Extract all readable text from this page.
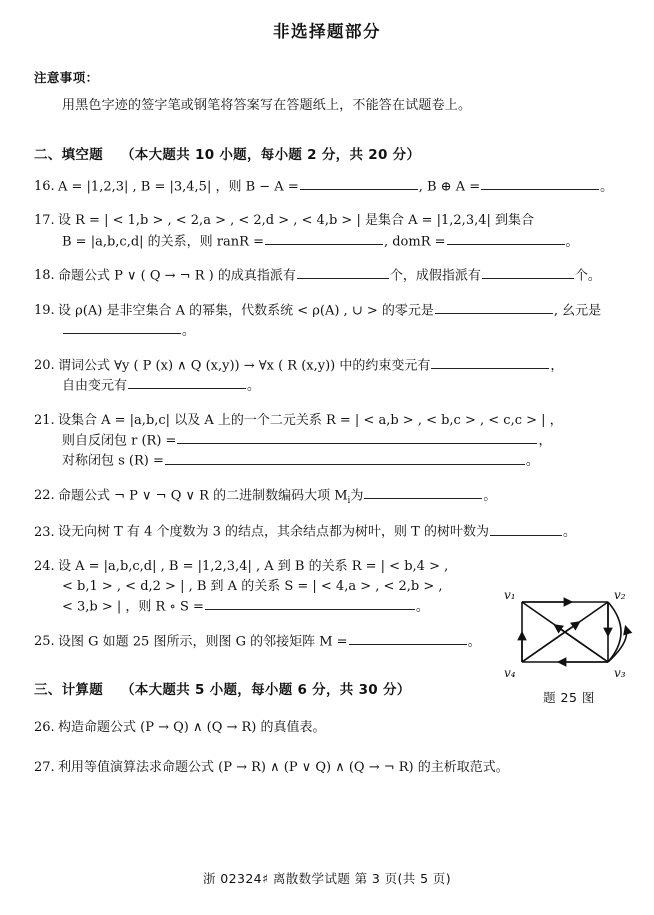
非选择题部分
注意事项：
用黑色字迹的签字笔或钢笔将答案写在答题纸上，不能答在试题卷上。
二、填空题 （本大题共 10 小题，每小题 2 分，共 20 分）
16. A = |1,2,3| , B = |3,4,5| ，则 B − A =	, B ⊕ A =	。
17. 设 R = | < 1,b > , < 2,a > , < 2,d > , < 4,b > | 是集合 A = |1,2,3,4| 到集合
B = |a,b,c,d| 的关系，则 ranR =	, domR =	。
18. 命题公式 P ∨ ( Q → ¬ R ) 的成真指派有	个，成假指派有	个。
19. 设 ρ(A) 是非空集合 A 的幂集，代数系统 < ρ(A) , ∪ > 的零元是	, 幺元是
。
20. 谓词公式 ∀y ( P (x) ∧ Q (x,y)) → ∀x ( R (x,y)) 中的约束变元有	，
自由变元有	。
21. 设集合 A = |a,b,c| 以及 A 上的一个二元关系 R = | < a,b > , < b,c > , < c,c > | ，
则自反闭包 r (R) =	，
对称闭包 s (R) =	。
22. 命题公式 ¬ P ∨ ¬ Q ∨ R 的二进制数编码大项 $M_i$为	。
23. 设无向树 T 有 4 个度数为 3 的结点，其余结点都为树叶，则 T 的树叶数为	。
24. 设 A = |a,b,c,d| , B = |1,2,3,4| , A 到 B 的关系 R = | < b,4 > ,
< b,1 > , < d,2 > | , B 到 A 的关系 S = | < 4,a > , < 2,b > ,
< 3,b > | ，则 R ∘ S =	。
25. 设图 G 如题 25 图所示，则图 G 的邻接矩阵 M =	。
三、计算题 （本大题共 5 小题，每小题 6 分，共 30 分）
26. 构造命题公式 (P → Q) ∧ (Q → R) 的真值表。
27. 利用等值演算法求命题公式 (P → R) ∧ (P ∨ Q) ∧ (Q → ¬ R) 的主析取范式。
v₁	v₂
v₃
v₄
题 25 图
浙 02324♯ 离散数学试题 第 3 页(共 5 页)
